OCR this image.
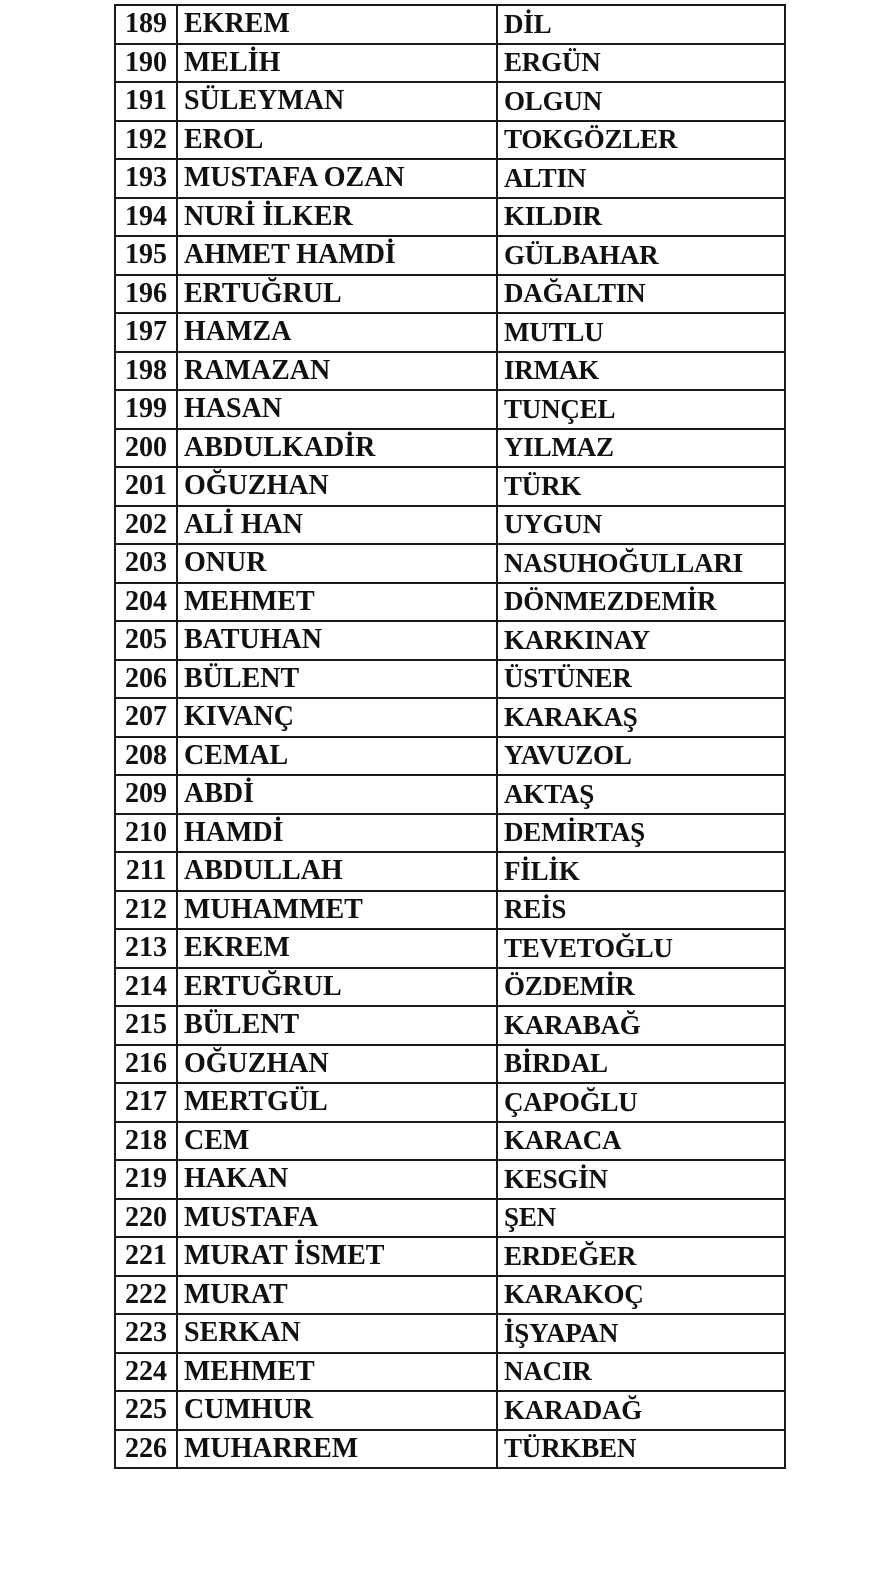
189	EKREM	DİL
190	MELİH	ERGÜN
191	SÜLEYMAN	OLGUN
192	EROL	TOKGÖZLER
193	MUSTAFA OZAN	ALTIN
194	NURİ İLKER	KILDIR
195	AHMET HAMDİ	GÜLBAHAR
196	ERTUĞRUL	DAĞALTIN
197	HAMZA	MUTLU
198	RAMAZAN	IRMAK
199	HASAN	TUNÇEL
200	ABDULKADİR	YILMAZ
201	OĞUZHAN	TÜRK
202	ALİ HAN	UYGUN
203	ONUR	NASUHOĞULLARI
204	MEHMET	DÖNMEZDEMİR
205	BATUHAN	KARKINAY
206	BÜLENT	ÜSTÜNER
207	KIVANÇ	KARAKAŞ
208	CEMAL	YAVUZOL
209	ABDİ	AKTAŞ
210	HAMDİ	DEMİRTAŞ
211	ABDULLAH	FİLİK
212	MUHAMMET	REİS
213	EKREM	TEVETOĞLU
214	ERTUĞRUL	ÖZDEMİR
215	BÜLENT	KARABAĞ
216	OĞUZHAN	BİRDAL
217	MERTGÜL	ÇAPOĞLU
218	CEM	KARACA
219	HAKAN	KESGİN
220	MUSTAFA	ŞEN
221	MURAT İSMET	ERDEĞER
222	MURAT	KARAKOÇ
223	SERKAN	İŞYAPAN
224	MEHMET	NACIR
225	CUMHUR	KARADAĞ
226	MUHARREM	TÜRKBEN
